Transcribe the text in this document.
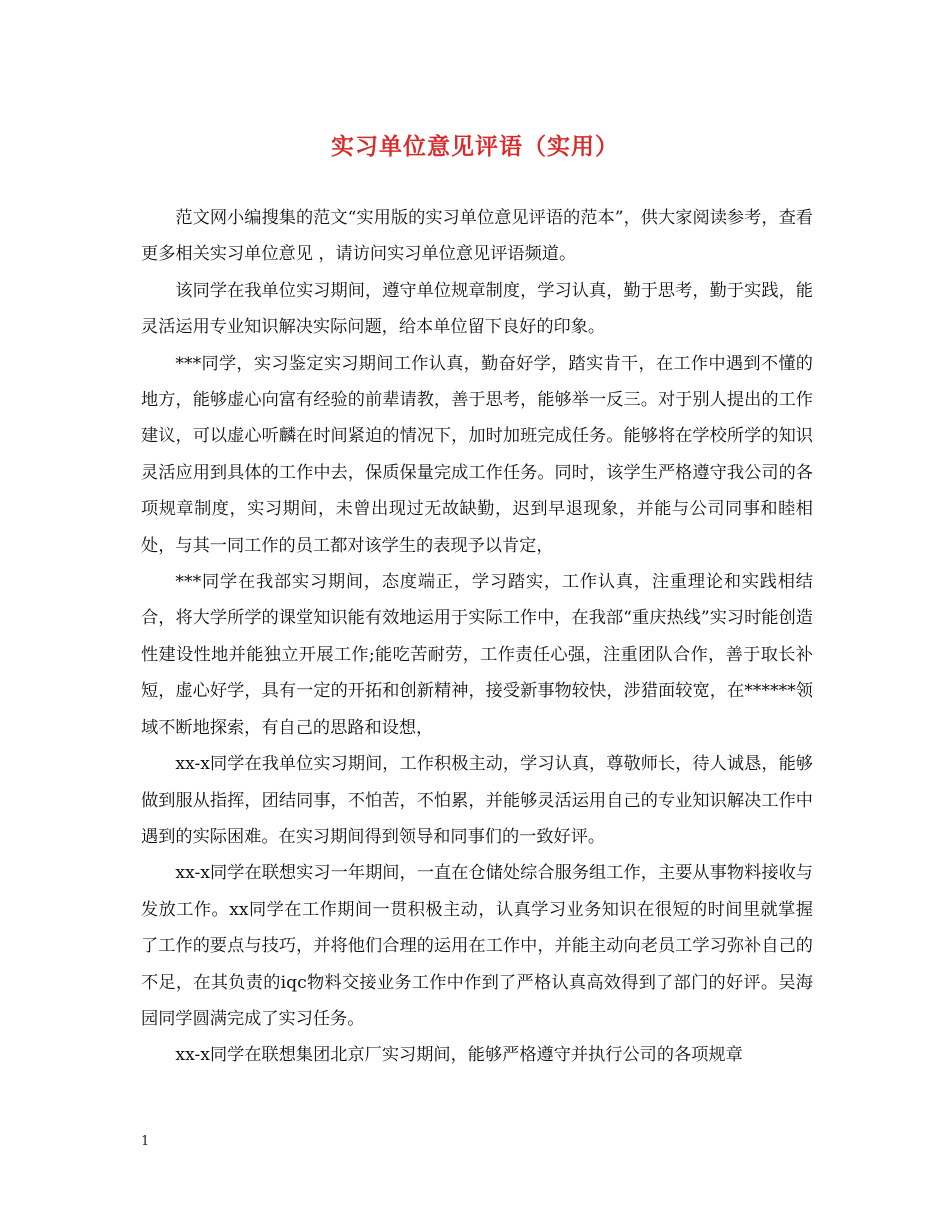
实习单位意见评语（实用）

范文网小编搜集的范文“实用版的实习单位意见评语的范本”，供大家阅读参考，查看更多相关实习单位意见 ，请访问实习单位意见评语频道。

该同学在我单位实习期间，遵守单位规章制度，学习认真，勤于思考，勤于实践，能灵活运用专业知识解决实际问题，给本单位留下良好的印象。

***同学，实习鉴定实习期间工作认真，勤奋好学，踏实肯干，在工作中遇到不懂的地方，能够虚心向富有经验的前辈请教，善于思考，能够举一反三。对于别人提出的工作建议，可以虚心听麟在时间紧迫的情况下，加时加班完成任务。能够将在学校所学的知识灵活应用到具体的工作中去，保质保量完成工作任务。同时，该学生严格遵守我公司的各项规章制度，实习期间，未曾出现过无故缺勤，迟到早退现象，并能与公司同事和睦相处，与其一同工作的员工都对该学生的表现予以肯定，

***同学在我部实习期间，态度端正，学习踏实，工作认真，注重理论和实践相结合，将大学所学的课堂知识能有效地运用于实际工作中，在我部“重庆热线”实习时能创造性建设性地并能独立开展工作;能吃苦耐劳，工作责任心强，注重团队合作，善于取长补短，虚心好学，具有一定的开拓和创新精神，接受新事物较快，涉猎面较宽，在******领域不断地探索，有自己的思路和设想，

xx-x同学在我单位实习期间，工作积极主动，学习认真，尊敬师长，待人诚恳，能够做到服从指挥，团结同事，不怕苦，不怕累，并能够灵活运用自己的专业知识解决工作中遇到的实际困难。在实习期间得到领导和同事们的一致好评。

xx-x同学在联想实习一年期间，一直在仓储处综合服务组工作，主要从事物料接收与发放工作。xx同学在工作期间一贯积极主动，认真学习业务知识在很短的时间里就掌握了工作的要点与技巧，并将他们合理的运用在工作中，并能主动向老员工学习弥补自己的不足，在其负责的iqc物料交接业务工作中作到了严格认真高效得到了部门的好评。吴海园同学圆满完成了实习任务。

xx-x同学在联想集团北京厂实习期间，能够严格遵守并执行公司的各项规章

1
